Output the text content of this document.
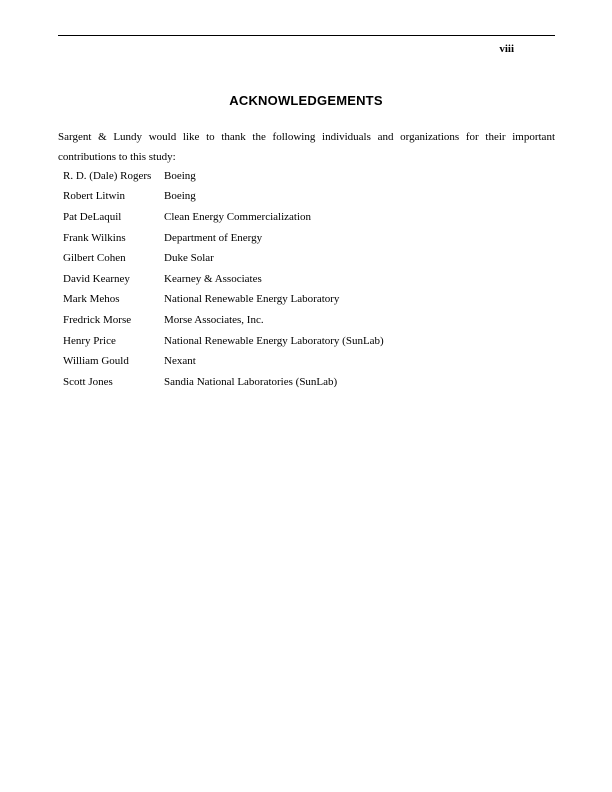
viii
ACKNOWLEDGEMENTS

Sargent & Lundy would like to thank the following individuals and organizations for their important contributions to this study:

R. D. (Dale) Rogers	Boeing
Robert Litwin	Boeing
Pat DeLaquil	Clean Energy Commercialization
Frank Wilkins	Department of Energy
Gilbert Cohen	Duke Solar
David Kearney	Kearney & Associates
Mark Mehos	National Renewable Energy Laboratory
Fredrick Morse	Morse Associates, Inc.
Henry Price	National Renewable Energy Laboratory (SunLab)
William Gould	Nexant
Scott Jones	Sandia National Laboratories (SunLab)
